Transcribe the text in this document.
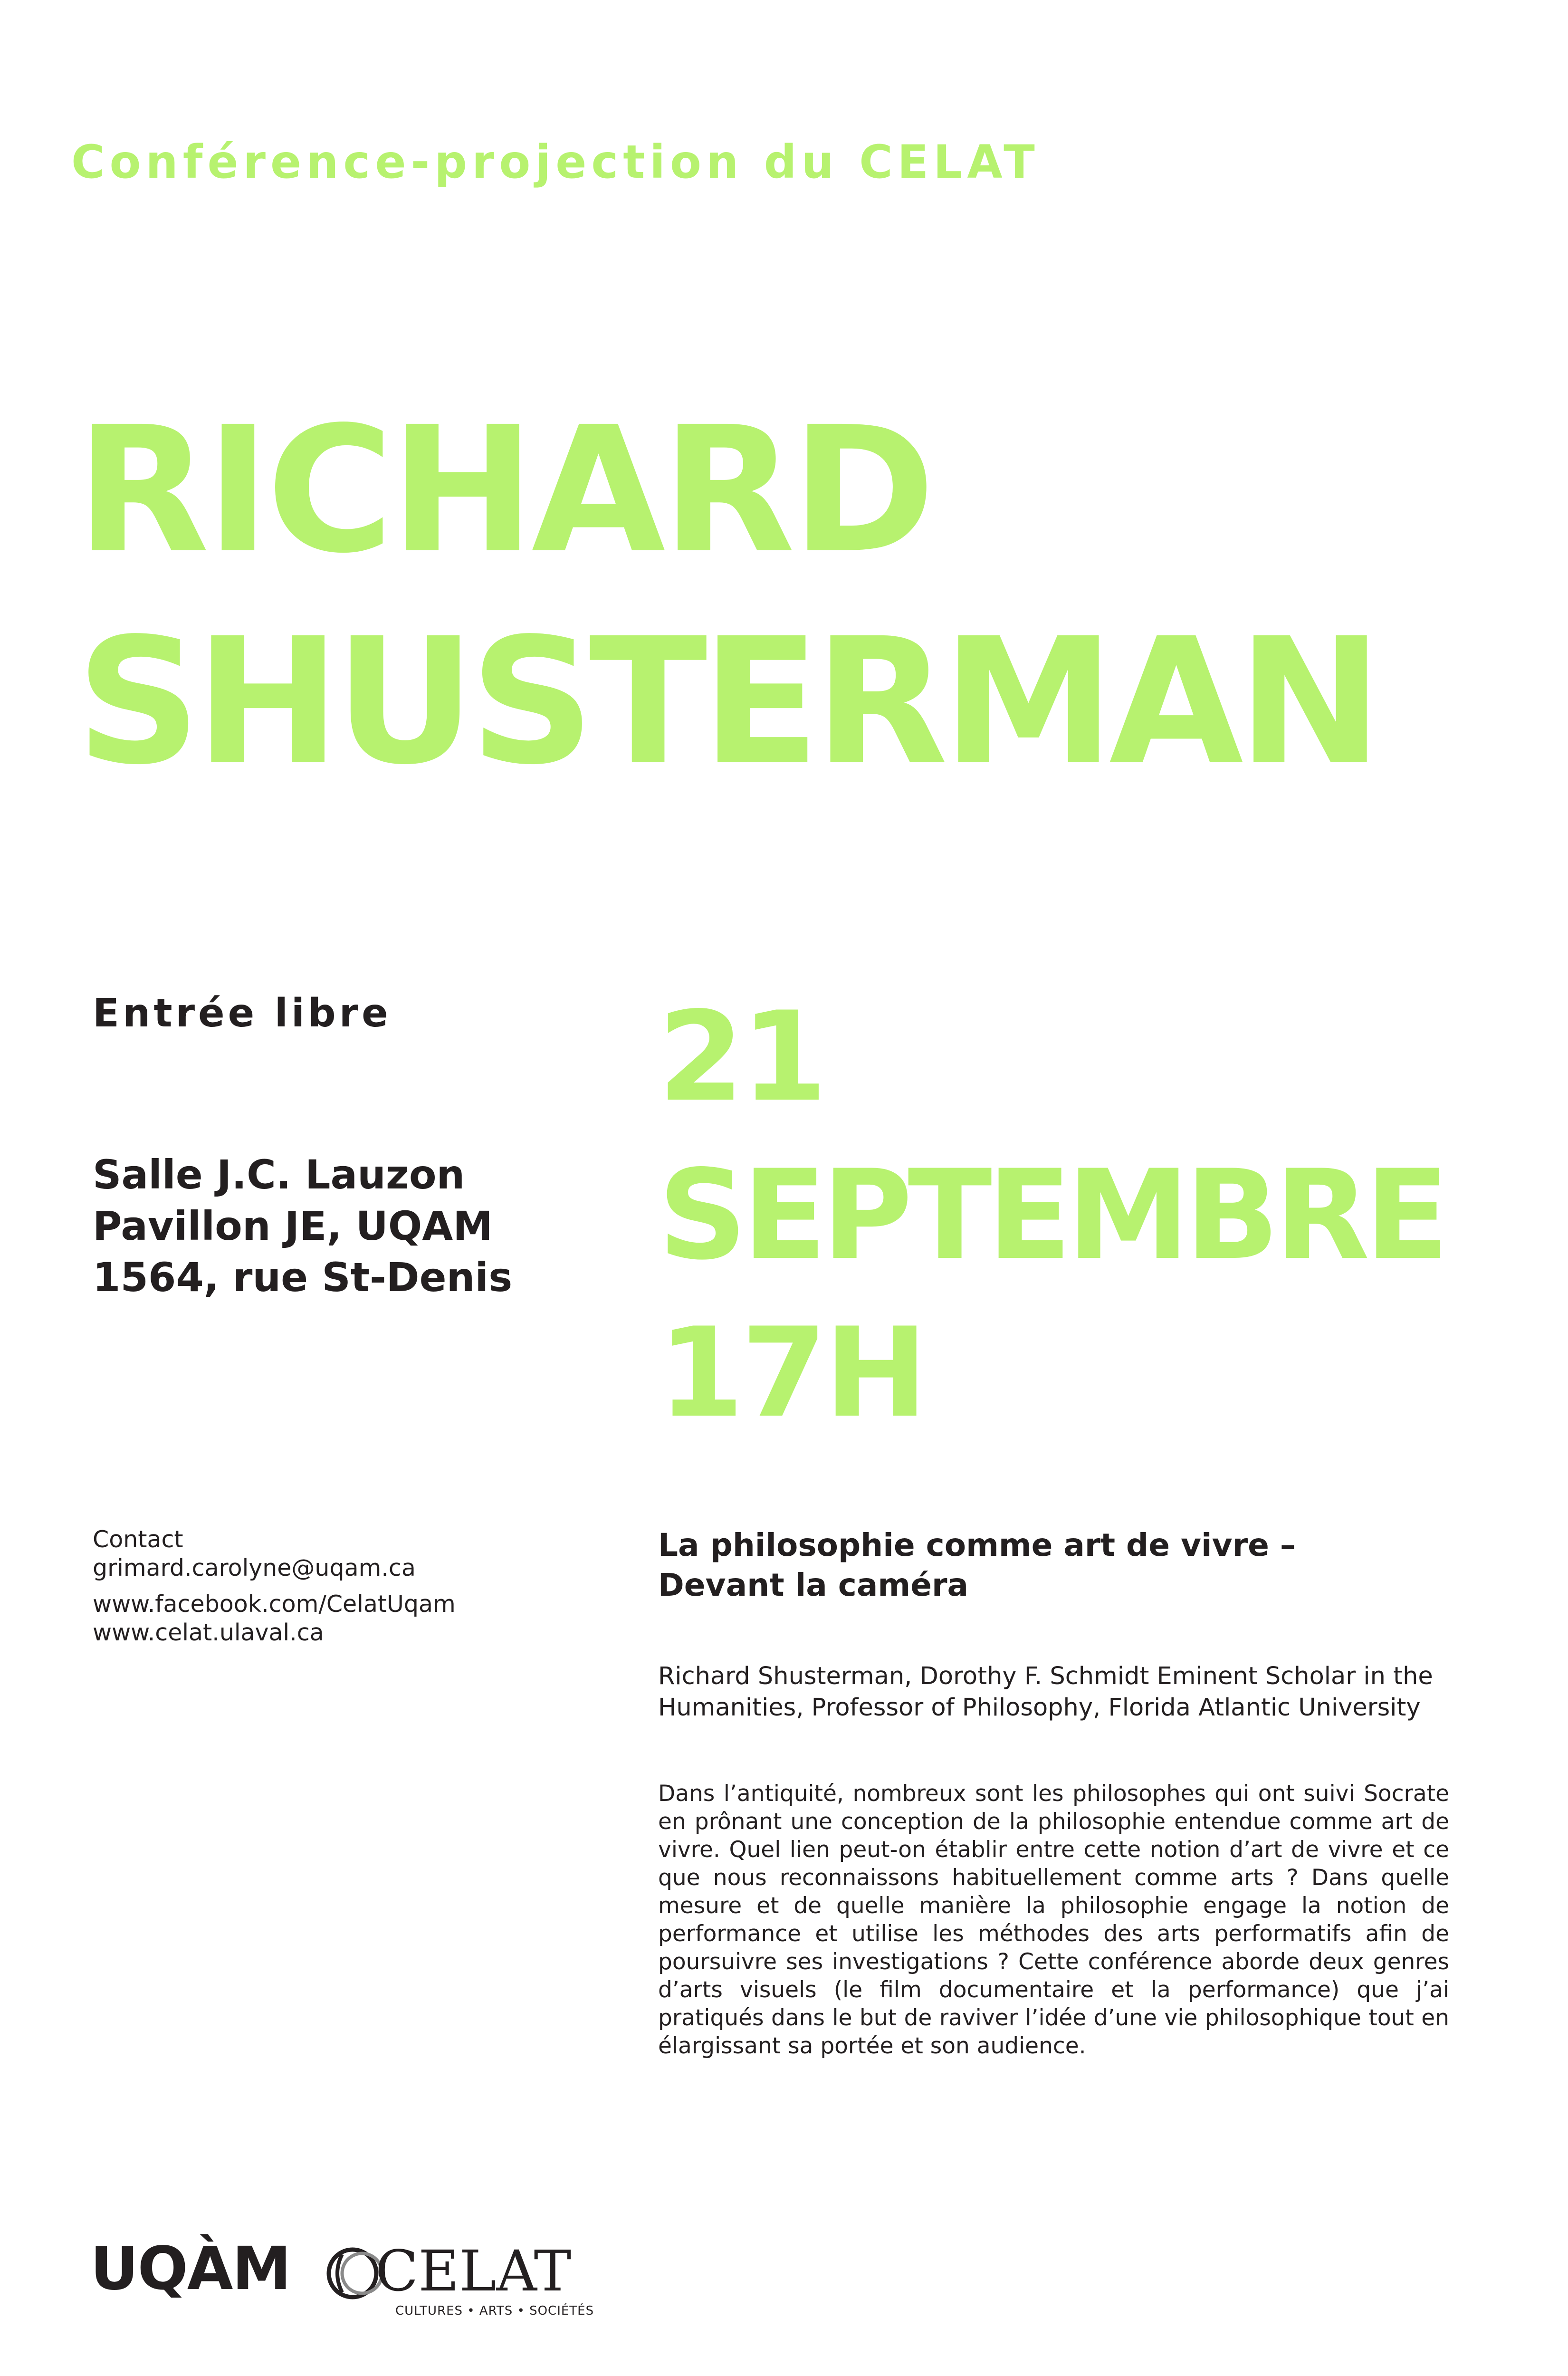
Conférence-projection du CELAT
RICHARD
SHUSTERMAN
Entrée libre
Salle J.C. Lauzon
Pavillon JE, UQAM
1564, rue St-Denis
21
SEPTEMBRE
17H
Contact
grimard.carolyne@uqam.ca
www.facebook.com/CelatUqam
www.celat.ulaval.ca
La philosophie comme art de vivre –
Devant la caméra
Richard Shusterman, Dorothy F. Schmidt Eminent Scholar in the
Humanities, Professor of Philosophy, Florida Atlantic University
Dans l’antiquité, nombreux sont les philosophes qui ont suivi Socrate en prônant une conception de la philosophie entendue comme art de vivre. Quel lien peut-on établir entre cette notion d’art de vivre et ce que nous reconnaissons habituellement comme arts ? Dans quelle mesure et de quelle manière la philosophie engage la notion de performance et utilise les méthodes des arts performatifs afin de poursuivre ses investigations ? Cette conférence aborde deux genres d’arts visuels (le film documentaire et la performance) que j’ai pratiqués dans le but de raviver l’idée d’une vie philosophique tout en élargissant sa portée et son audience.
UQÀM CELAT
CULTURES • ARTS • SOCIÉTÉS
